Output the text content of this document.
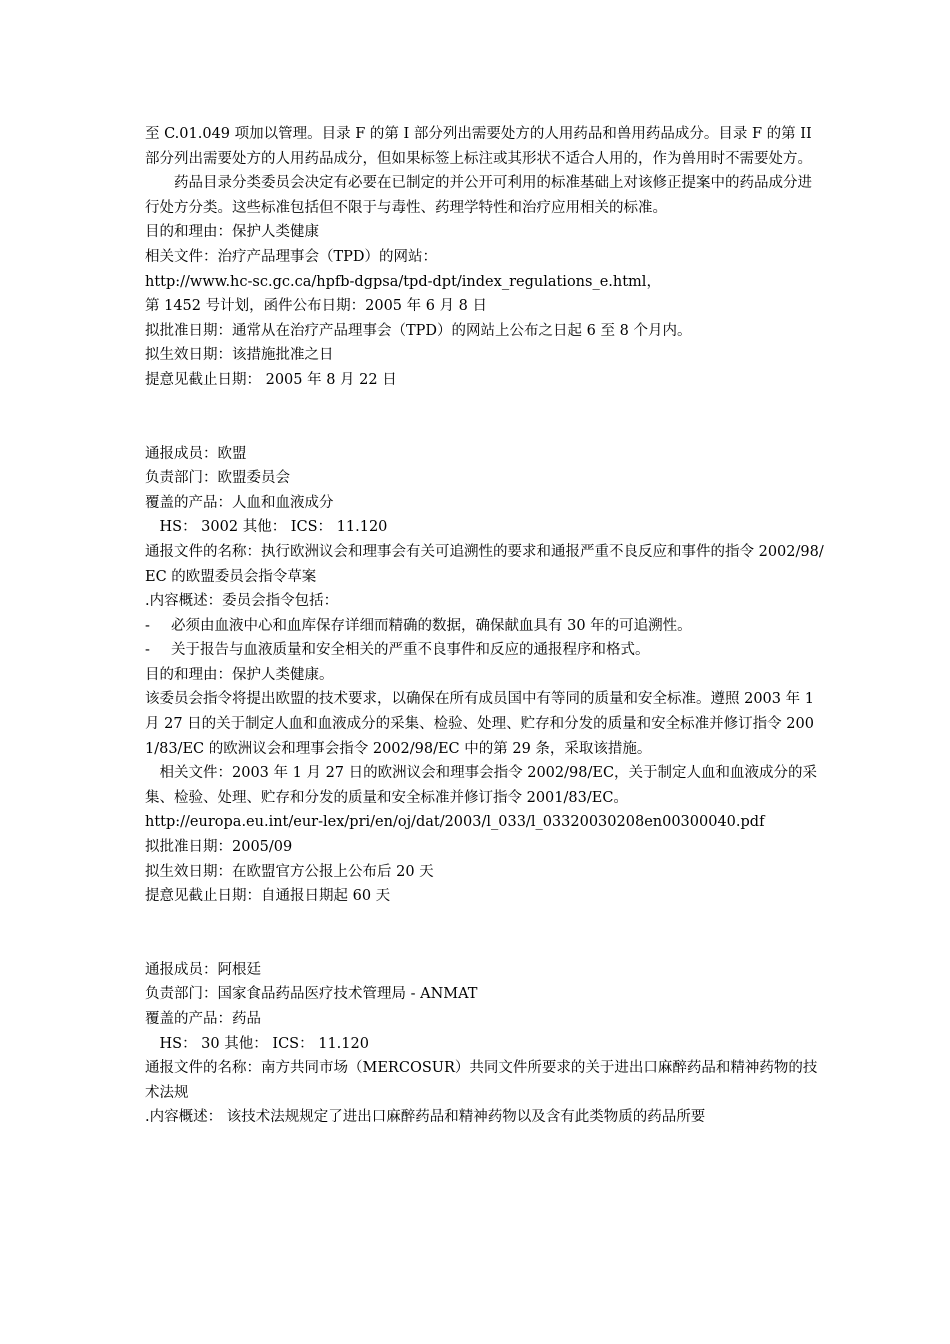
至 C.01.049 项加以管理。目录 F 的第 I 部分列出需要处方的人用药品和兽用药品成分。目录 F 的第 II 部分列出需要处方的人用药品成分，但如果标签上标注或其形状不适合人用的，作为兽用时不需要处方。

药品目录分类委员会决定有必要在已制定的并公开可利用的标准基础上对该修正提案中的药品成分进行处方分类。这些标准包括但不限于与毒性、药理学特性和治疗应用相关的标准。

目的和理由：保护人类健康

相关文件：治疗产品理事会（TPD）的网站：

http://www.hc-sc.gc.ca/hpfb-dgpsa/tpd-dpt/index_regulations_e.html，

第 1452 号计划，函件公布日期：2005 年 6 月 8 日

拟批准日期：通常从在治疗产品理事会（TPD）的网站上公布之日起 6 至 8 个月内。

拟生效日期：该措施批准之日

提意见截止日期： 2005 年 8 月 22 日

通报成员：欧盟

负责部门：欧盟委员会

覆盖的产品：人血和血液成分

HS： 3002 其他： ICS： 11.120

通报文件的名称：执行欧洲议会和理事会有关可追溯性的要求和通报严重不良反应和事件的指令 2002/98/EC 的欧盟委员会指令草案

.内容概述：委员会指令包括：

- 必须由血液中心和血库保存详细而精确的数据，确保献血具有 30 年的可追溯性。

- 关于报告与血液质量和安全相关的严重不良事件和反应的通报程序和格式。

目的和理由：保护人类健康。

该委员会指令将提出欧盟的技术要求，以确保在所有成员国中有等同的质量和安全标准。遵照 2003 年 1 月 27 日的关于制定人血和血液成分的采集、检验、处理、贮存和分发的质量和安全标准并修订指令 2001/83/EC 的欧洲议会和理事会指令 2002/98/EC 中的第 29 条，采取该措施。

相关文件：2003 年 1 月 27 日的欧洲议会和理事会指令 2002/98/EC，关于制定人血和血液成分的采集、检验、处理、贮存和分发的质量和安全标准并修订指令 2001/83/EC。

http://europa.eu.int/eur-lex/pri/en/oj/dat/2003/l_033/l_03320030208en00300040.pdf

拟批准日期：2005/09

拟生效日期：在欧盟官方公报上公布后 20 天

提意见截止日期：自通报日期起 60 天

通报成员：阿根廷

负责部门：国家食品药品医疗技术管理局 - ANMAT

覆盖的产品：药品

HS： 30 其他： ICS： 11.120

通报文件的名称：南方共同市场（MERCOSUR）共同文件所要求的关于进出口麻醉药品和精神药物的技术法规

.内容概述： 该技术法规规定了进出口麻醉药品和精神药物以及含有此类物质的药品所要
